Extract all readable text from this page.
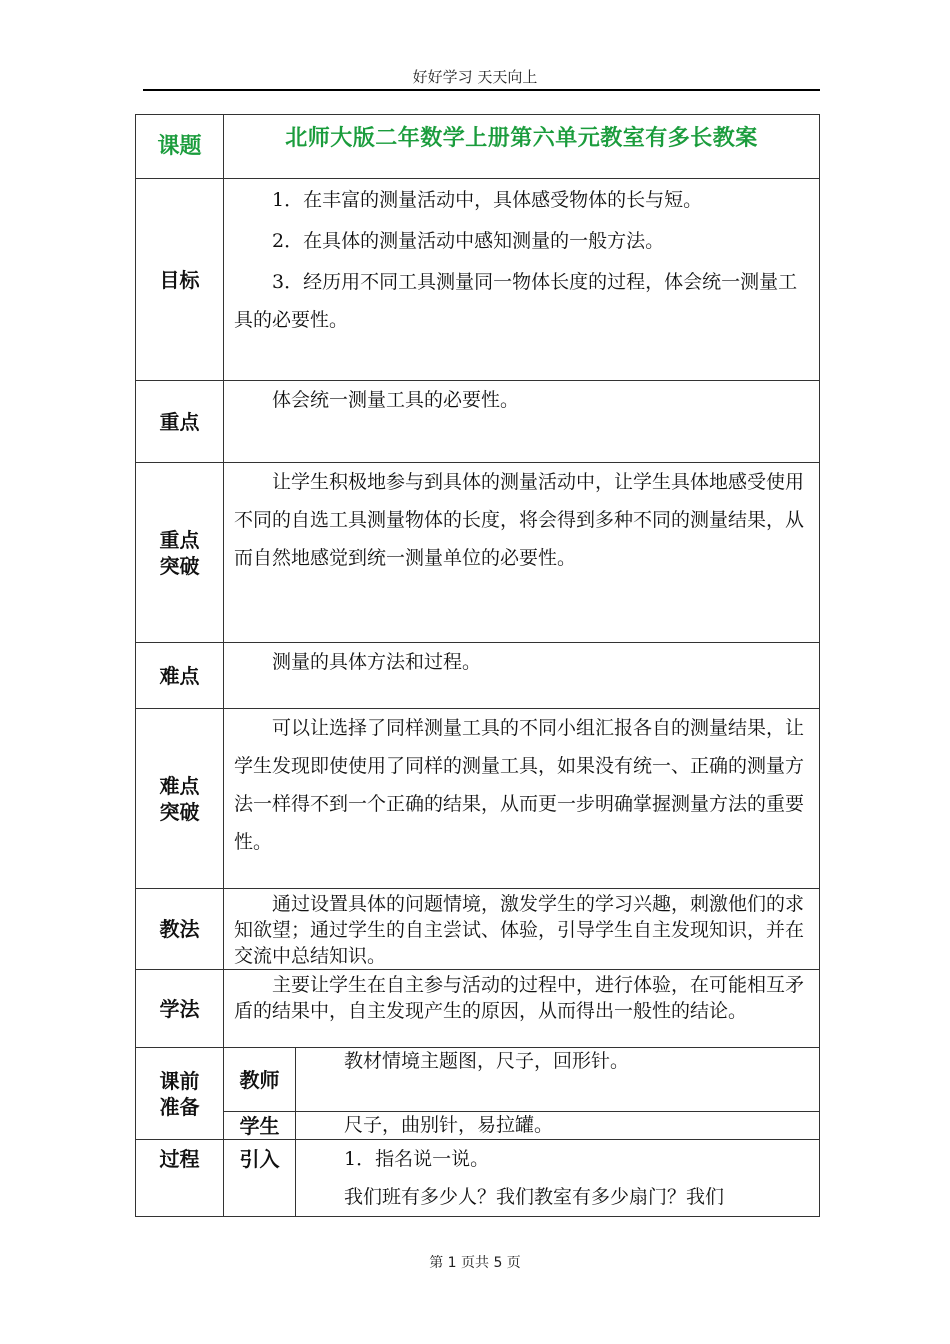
好好学习 天天向上
课题	北师大版二年数学上册第六单元教室有多长教案	

目标	1．在丰富的测量活动中，具体感受物体的长与短。

2．在具体的测量活动中感知测量的一般方法。

3．经历用不同工具测量同一物体长度的过程，体会统一测量工具的必要性。	

重点	体会统一测量工具的必要性。	

重点突破	让学生积极地参与到具体的测量活动中，让学生具体地感受使用不同的自选工具测量物体的长度，将会得到多种不同的测量结果，从而自然地感觉到统一测量单位的必要性。	

难点	测量的具体方法和过程。	

难点突破	可以让选择了同样测量工具的不同小组汇报各自的测量结果，让学生发现即使使用了同样的测量工具，如果没有统一、正确的测量方法一样得不到一个正确的结果，从而更一步明确掌握测量方法的重要性。	

教法	通过设置具体的问题情境，激发学生的学习兴趣，刺激他们的求知欲望；通过学生的自主尝试、体验，引导学生自主发现知识，并在交流中总结知识。	

学法	主要让学生在自主参与活动的过程中，进行体验，在可能相互矛盾的结果中，自主发现产生的原因，从而得出一般性的结论。	

课前准备	教师	教材情境主题图，尺子，回形针。

	学生	尺子，曲别针，易拉罐。

过程	引入	1．指名说一说。

我们班有多少人？我们教室有多少扇门？我们

第 1 页共 5 页
